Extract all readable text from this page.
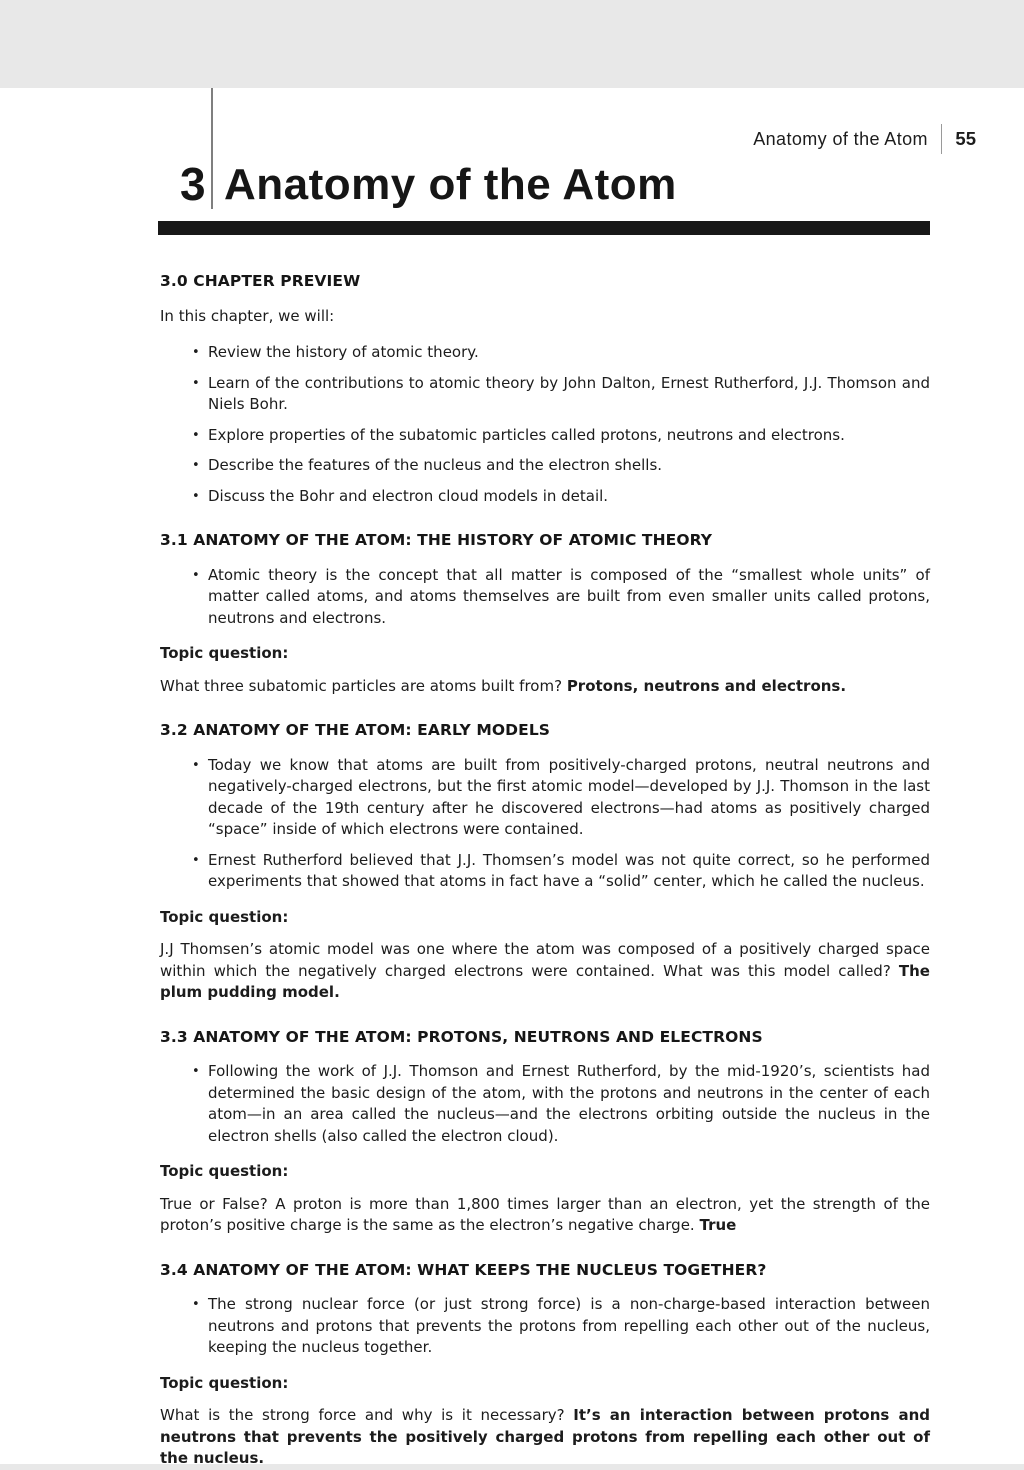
Anatomy of the Atom 55
3 Anatomy of the Atom
3.0 CHAPTER PREVIEW

In this chapter, we will:

• Review the history of atomic theory.
• Learn of the contributions to atomic theory by John Dalton, Ernest Rutherford, J.J. Thomson and Niels Bohr.
• Explore properties of the subatomic particles called protons, neutrons and electrons.
• Describe the features of the nucleus and the electron shells.
• Discuss the Bohr and electron cloud models in detail.
3.1 ANATOMY OF THE ATOM: THE HISTORY OF ATOMIC THEORY
• Atomic theory is the concept that all matter is composed of the “smallest whole units” of matter called atoms, and atoms themselves are built from even smaller units called protons, neutrons and electrons.

Topic question:

What three subatomic particles are atoms built from? Protons, neutrons and electrons.

3.2 ANATOMY OF THE ATOM: EARLY MODELS
• Today we know that atoms are built from positively-charged protons, neutral neutrons and negatively-charged electrons, but the first atomic model—developed by J.J. Thomson in the last decade of the 19th century after he discovered electrons—had atoms as positively charged “space” inside of which electrons were contained.
• Ernest Rutherford believed that J.J. Thomsen’s model was not quite correct, so he performed experiments that showed that atoms in fact have a “solid” center, which he called the nucleus.

Topic question:

J.J Thomsen’s atomic model was one where the atom was composed of a positively charged space within which the negatively charged electrons were contained. What was this model called? The plum pudding model.

3.3 ANATOMY OF THE ATOM: PROTONS, NEUTRONS AND ELECTRONS
• Following the work of J.J. Thomson and Ernest Rutherford, by the mid-1920’s, scientists had determined the basic design of the atom, with the protons and neutrons in the center of each atom—in an area called the nucleus—and the electrons orbiting outside the nucleus in the electron shells (also called the electron cloud).

Topic question:

True or False? A proton is more than 1,800 times larger than an electron, yet the strength of the proton’s positive charge is the same as the electron’s negative charge. True

3.4 ANATOMY OF THE ATOM: WHAT KEEPS THE NUCLEUS TOGETHER?
• The strong nuclear force (or just strong force) is a non-charge-based interaction between neutrons and protons that prevents the protons from repelling each other out of the nucleus, keeping the nucleus together.

Topic question:

What is the strong force and why is it necessary? It’s an interaction between protons and neutrons that prevents the positively charged protons from repelling each other out of the nucleus.
